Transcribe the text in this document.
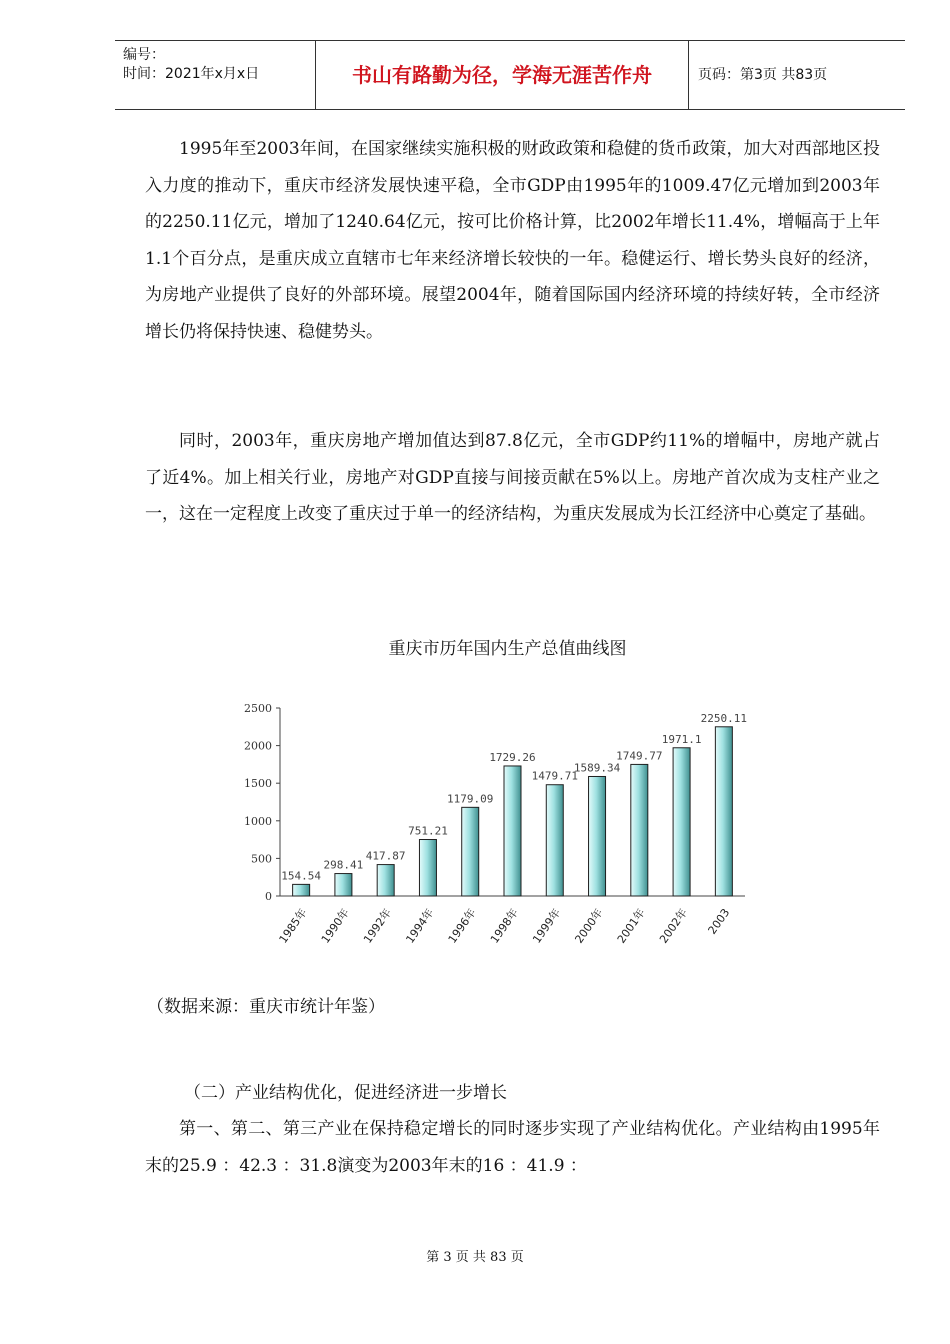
编号：
时间：2021年x月x日	书山有路勤为径，学海无涯苦作舟	页码：第3页 共83页

1995年至2003年间，在国家继续实施积极的财政政策和稳健的货币政策，加大对西部地区投入力度的推动下，重庆市经济发展快速平稳，全市GDP由1995年的1009.47亿元增加到2003年的2250.11亿元，增加了1240.64亿元，按可比价格计算，比2002年增长11.4%，增幅高于上年1.1个百分点，是重庆成立直辖市七年来经济增长较快的一年。稳健运行、增长势头良好的经济，为房地产业提供了良好的外部环境。展望2004年，随着国际国内经济环境的持续好转，全市经济增长仍将保持快速、稳健势头。

同时，2003年，重庆房地产增加值达到87.8亿元，全市GDP约11%的增幅中，房地产就占了近4%。加上相关行业，房地产对GDP直接与间接贡献在5%以上。房地产首次成为支柱产业之一，这在一定程度上改变了重庆过于单一的经济结构，为重庆发展成为长江经济中心奠定了基础。

重庆市历年国内生产总值曲线图
0
500
1000
1500
2000
2500
154.54
1985年
298.41
1990年
417.87
1992年
751.21
1994年
1179.09
1996年
1729.26
1998年
1479.71
1999年
1589.34
2000年
1749.77
2001年
1971.1
2002年
2250.11
2003
（数据来源：重庆市统计年鉴）
（二）产业结构优化，促进经济进一步增长

第一、第二、第三产业在保持稳定增长的同时逐步实现了产业结构优化。产业结构由1995年末的25.9 ：42.3 ：31.8演变为2003年末的16 ：41.9 ：

第 3 页 共 83 页
